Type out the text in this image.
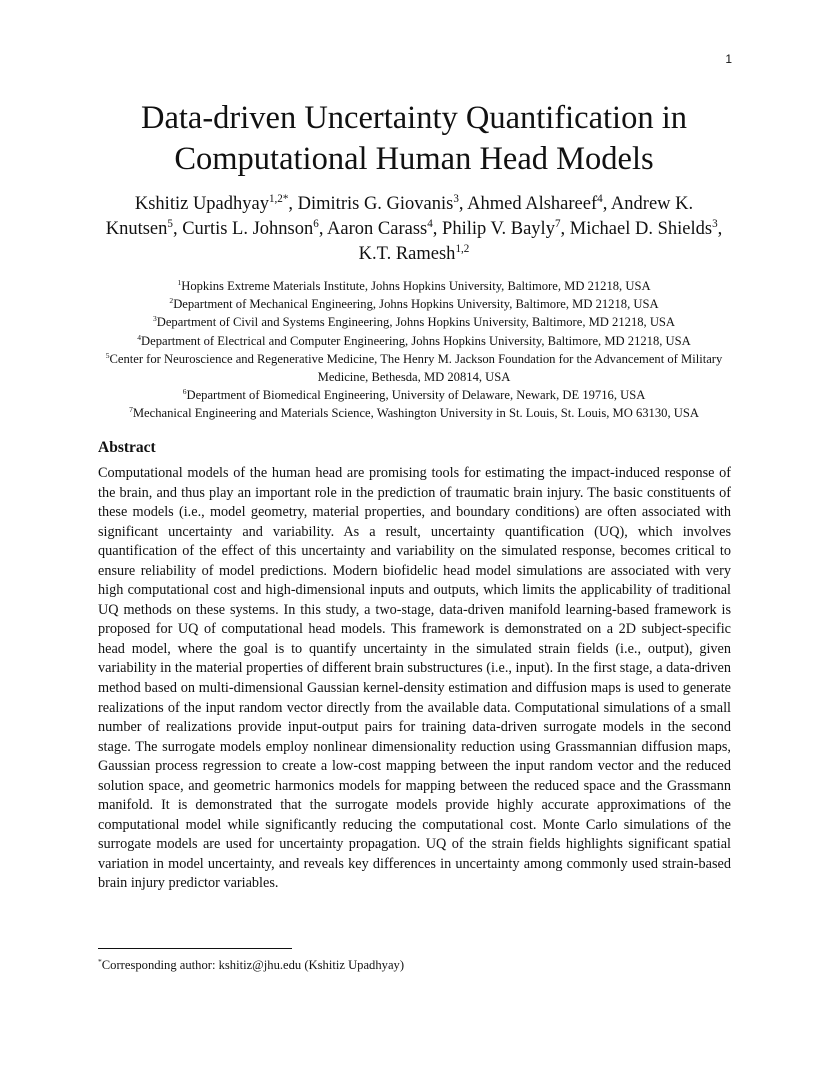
1
Data-driven Uncertainty Quantification in
Computational Human Head Models
Kshitiz Upadhyay$^{1,2*}$, Dimitris G. Giovanis$^3$, Ahmed Alshareef$^4$, Andrew K. Knutsen$^5$, Curtis L. Johnson$^6$, Aaron Carass$^4$, Philip V. Bayly$^7$, Michael D. Shields$^3$, K.T. Ramesh$^{1,2}$
$^1$Hopkins Extreme Materials Institute, Johns Hopkins University, Baltimore, MD 21218, USA
$^2$Department of Mechanical Engineering, Johns Hopkins University, Baltimore, MD 21218, USA
$^3$Department of Civil and Systems Engineering, Johns Hopkins University, Baltimore, MD 21218, USA
$^4$Department of Electrical and Computer Engineering, Johns Hopkins University, Baltimore, MD 21218, USA
$^5$Center for Neuroscience and Regenerative Medicine, The Henry M. Jackson Foundation for the Advancement of Military Medicine, Bethesda, MD 20814, USA
$^6$Department of Biomedical Engineering, University of Delaware, Newark, DE 19716, USA
$^7$Mechanical Engineering and Materials Science, Washington University in St. Louis, St. Louis, MO 63130, USA
Abstract

Computational models of the human head are promising tools for estimating the impact-induced response of the brain, and thus play an important role in the prediction of traumatic brain injury. The basic constituents of these models (i.e., model geometry, material properties, and boundary conditions) are often associated with significant uncertainty and variability. As a result, uncertainty quantification (UQ), which involves quantification of the effect of this uncertainty and variability on the simulated response, becomes critical to ensure reliability of model predictions. Modern biofidelic head model simulations are associated with very high computational cost and high-dimensional inputs and outputs, which limits the applicability of traditional UQ methods on these systems. In this study, a two-stage, data-driven manifold learning-based framework is proposed for UQ of computational head models. This framework is demonstrated on a 2D subject-specific head model, where the goal is to quantify uncertainty in the simulated strain fields (i.e., output), given variability in the material properties of different brain substructures (i.e., input). In the first stage, a data-driven method based on multi-dimensional Gaussian kernel-density estimation and diffusion maps is used to generate realizations of the input random vector directly from the available data. Computational simulations of a small number of realizations provide input-output pairs for training data-driven surrogate models in the second stage. The surrogate models employ nonlinear dimensionality reduction using Grassmannian diffusion maps, Gaussian process regression to create a low-cost mapping between the input random vector and the reduced solution space, and geometric harmonics models for mapping between the reduced space and the Grassmann manifold. It is demonstrated that the surrogate models provide highly accurate approximations of the computational model while significantly reducing the computational cost. Monte Carlo simulations of the surrogate models are used for uncertainty propagation. UQ of the strain fields highlights significant spatial variation in model uncertainty, and reveals key differences in uncertainty among commonly used strain-based brain injury predictor variables.

*Corresponding author: kshitiz@jhu.edu (Kshitiz Upadhyay)
